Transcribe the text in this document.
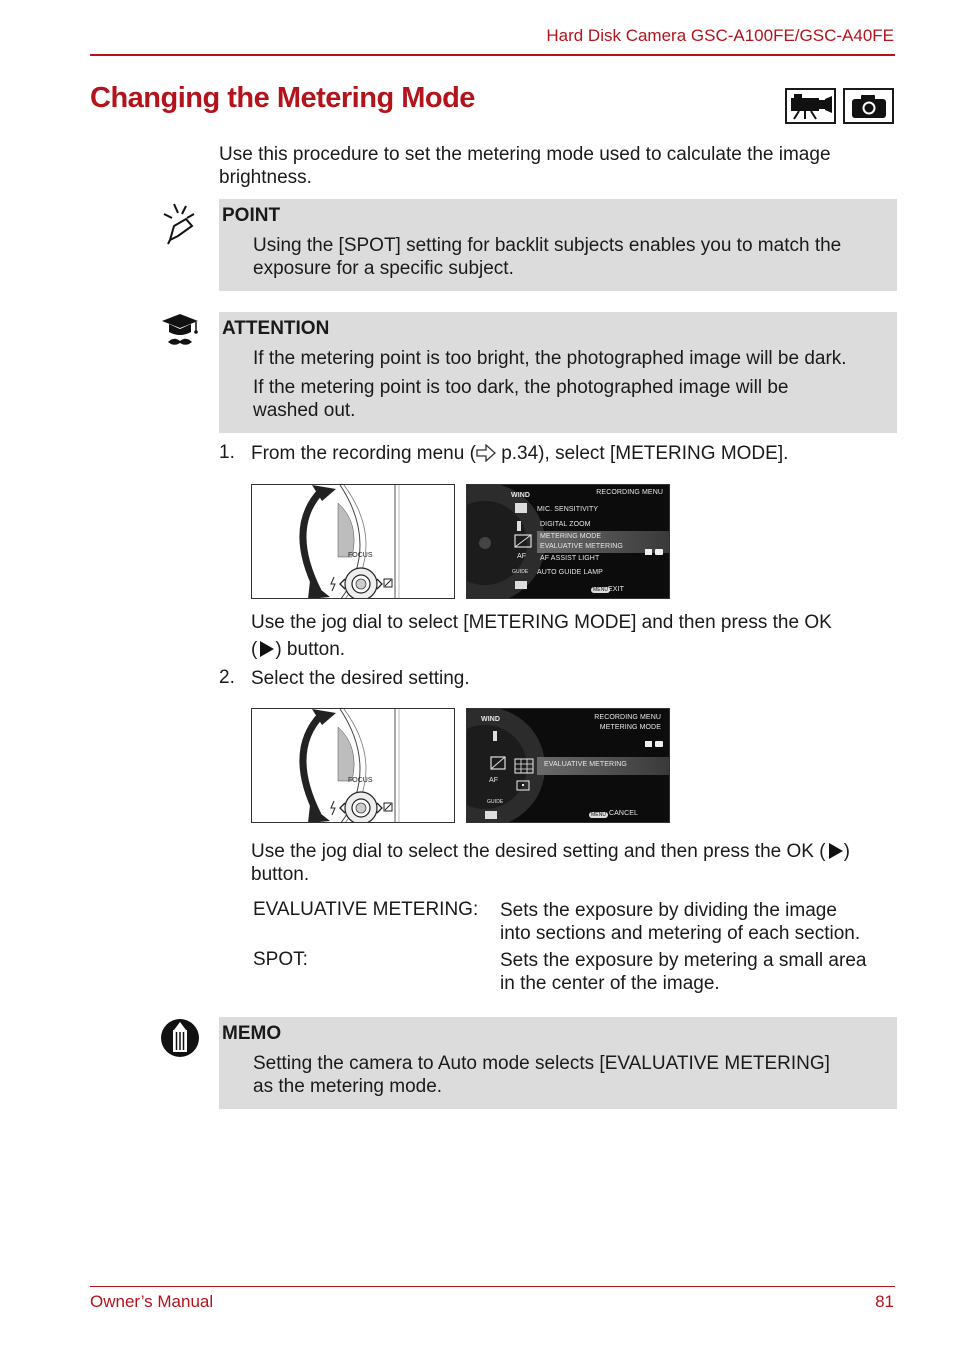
Hard Disk Camera GSC-A100FE/GSC-A40FE
Changing the Metering Mode
Use this procedure to set the metering mode used to calculate the image
brightness.
POINT
Using the [SPOT] setting for backlit subjects enables you to match the
exposure for a specific subject.
ATTENTION
If the metering point is too bright, the photographed image will be dark.
If the metering point is too dark, the photographed image will be
washed out.
1. From the recording menu ( p.34), select [METERING MODE].
FOCUS
RECORDING MENU
WIND
MIC. SENSITIVITY
DIGITAL ZOOM
METERING MODE
EVALUATIVE METERING
AF AF ASSIST LIGHT
GUIDE AUTO GUIDE LAMP
MENU EXIT
Use the jog dial to select [METERING MODE] and then press the OK
( ) button.
2. Select the desired setting.
FOCUS
RECORDING MENU
METERING MODE
WIND
EVALUATIVE METERING
AF
GUIDE
MENU CANCEL
Use the jog dial to select the desired setting and then press the OK ( )
button.
EVALUATIVE METERING: Sets the exposure by dividing the image
into sections and metering of each section.
SPOT:	Sets the exposure by metering a small area
in the center of the image.
MEMO
Setting the camera to Auto mode selects [EVALUATIVE METERING]
as the metering mode.
Owner’s Manual	81
